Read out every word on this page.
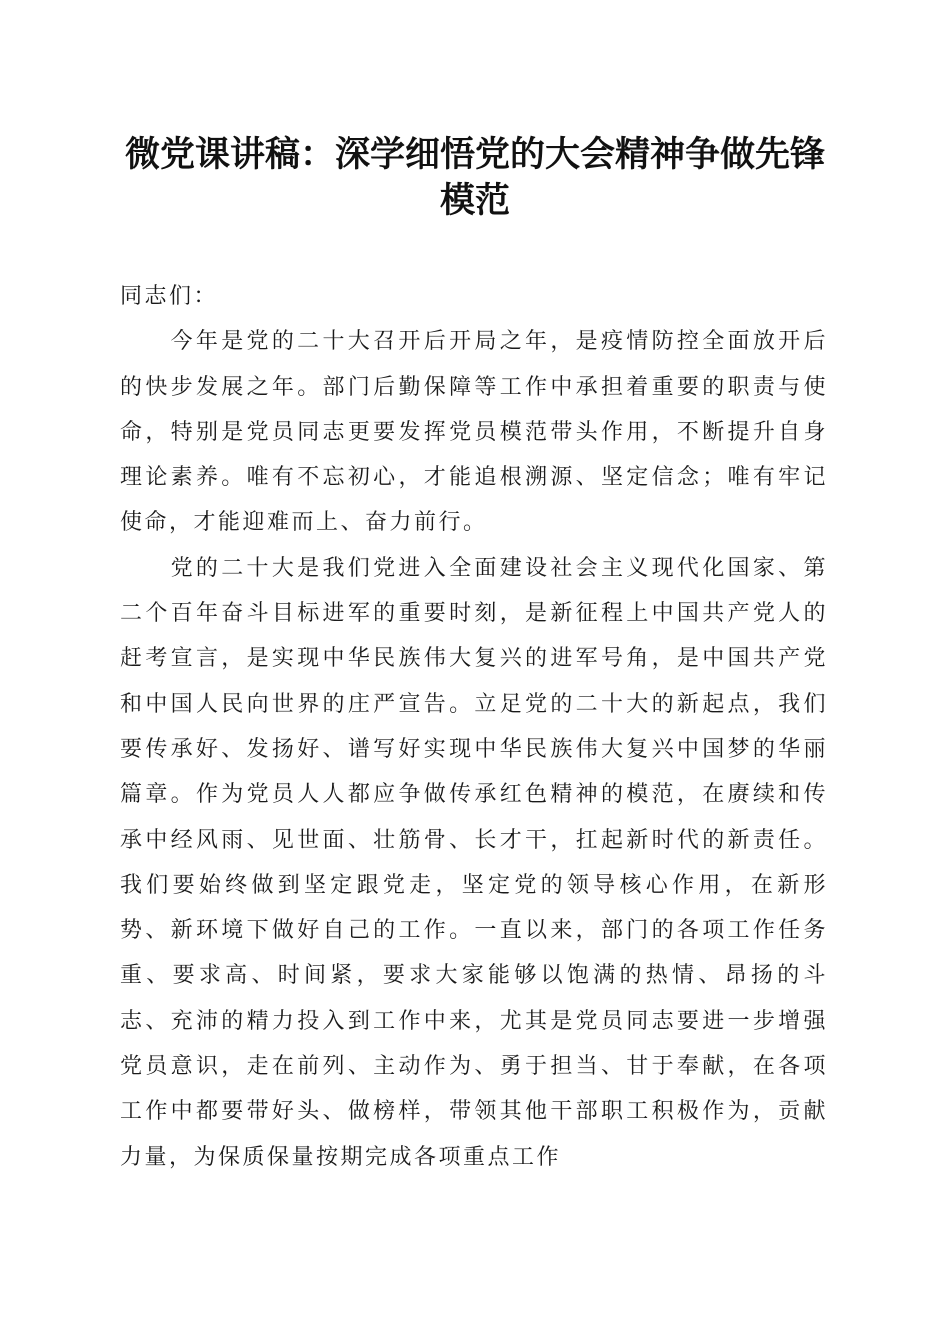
微党课讲稿：深学细悟党的大会精神争做先锋模范

同志们：

今年是党的二十大召开后开局之年，是疫情防控全面放开后的快步发展之年。部门后勤保障等工作中承担着重要的职责与使命，特别是党员同志更要发挥党员模范带头作用，不断提升自身理论素养。唯有不忘初心，才能追根溯源、坚定信念；唯有牢记使命，才能迎难而上、奋力前行。

党的二十大是我们党进入全面建设社会主义现代化国家、第二个百年奋斗目标进军的重要时刻，是新征程上中国共产党人的赶考宣言，是实现中华民族伟大复兴的进军号角，是中国共产党和中国人民向世界的庄严宣告。立足党的二十大的新起点，我们要传承好、发扬好、谱写好实现中华民族伟大复兴中国梦的华丽篇章。作为党员人人都应争做传承红色精神的模范，在赓续和传承中经风雨、见世面、壮筋骨、长才干，扛起新时代的新责任。我们要始终做到坚定跟党走，坚定党的领导核心作用，在新形势、新环境下做好自己的工作。一直以来，部门的各项工作任务重、要求高、时间紧，要求大家能够以饱满的热情、昂扬的斗志、充沛的精力投入到工作中来，尤其是党员同志要进一步增强党员意识，走在前列、主动作为、勇于担当、甘于奉献，在各项工作中都要带好头、做榜样，带领其他干部职工积极作为，贡献力量，为保质保量按期完成各项重点工作
